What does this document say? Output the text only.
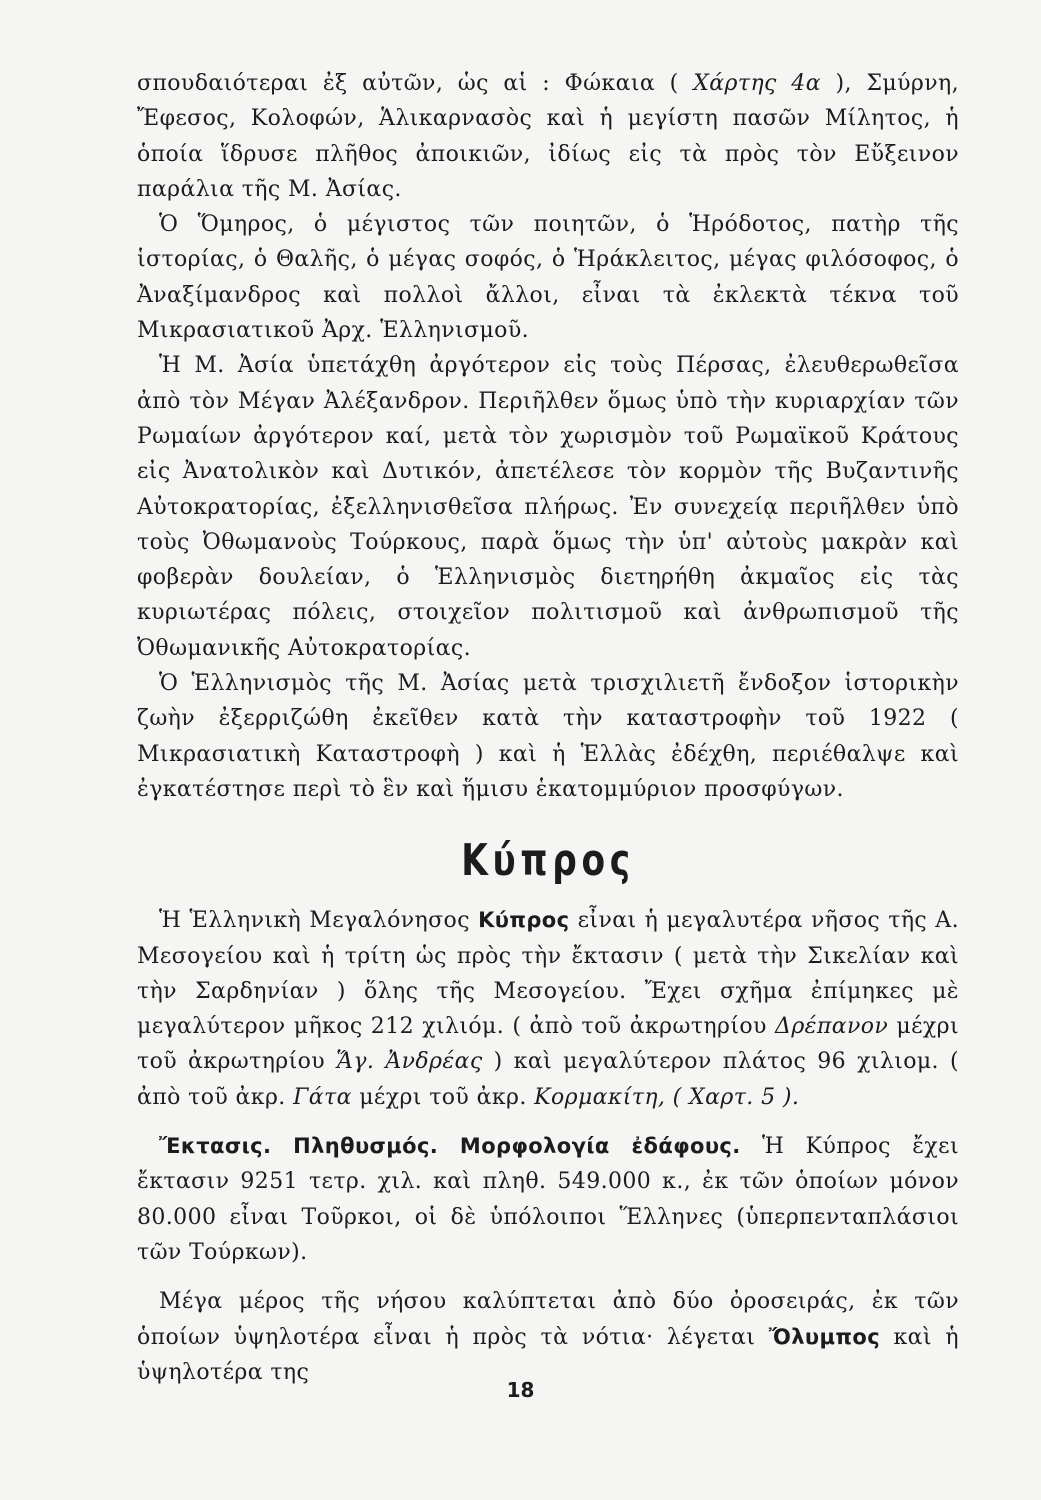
σπουδαιότεραι ἐξ αὐτῶν, ὡς αἱ : Φώκαια ( Χάρτης 4α ), Σμύρνη, Ἔφεσος, Κολοφών, Ἁλικαρνασὸς καὶ ἡ μεγίστη πασῶν Μίλητος, ἡ ὁποία ἵδρυσε πλῆθος ἀποικιῶν, ἰδίως εἰς τὰ πρὸς τὸν Εὔξεινον παράλια τῆς Μ. Ἀσίας.

Ὁ Ὅμηρος, ὁ μέγιστος τῶν ποιητῶν, ὁ Ἡρόδοτος, πατὴρ τῆς ἱστορίας, ὁ Θαλῆς, ὁ μέγας σοφός, ὁ Ἡράκλειτος, μέγας φιλόσοφος, ὁ Ἀναξίμανδρος καὶ πολλοὶ ἄλλοι, εἶναι τὰ ἐκλεκτὰ τέκνα τοῦ Μικρασιατικοῦ Ἀρχ. Ἑλληνισμοῦ.

Ἡ Μ. Ἀσία ὑπετάχθη ἀργότερον εἰς τοὺς Πέρσας, ἐλευθερωθεῖσα ἀπὸ τὸν Μέγαν Ἀλέξανδρον. Περιῆλθεν ὅμως ὑπὸ τὴν κυριαρχίαν τῶν Ρωμαίων ἀργότερον καί, μετὰ τὸν χωρισμὸν τοῦ Ρωμαϊκοῦ Κράτους εἰς Ἀνατολικὸν καὶ Δυτικόν, ἀπετέλεσε τὸν κορμὸν τῆς Βυζαντινῆς Αὐτοκρατορίας, ἐξελληνισθεῖσα πλήρως. Ἐν συνεχείᾳ περιῆλθεν ὑπὸ τοὺς Ὀθωμανοὺς Τούρκους, παρὰ ὅμως τὴν ὑπ' αὐτοὺς μακρὰν καὶ φοβερὰν δουλείαν, ὁ Ἑλληνισμὸς διετηρήθη ἀκμαῖος εἰς τὰς κυριωτέρας πόλεις, στοιχεῖον πολιτισμοῦ καὶ ἀνθρωπισμοῦ τῆς Ὀθωμανικῆς Αὐτοκρατορίας.

Ὁ Ἑλληνισμὸς τῆς Μ. Ἀσίας μετὰ τρισχιλιετῆ ἔνδοξον ἱστορικὴν ζωὴν ἐξερριζώθη ἐκεῖθεν κατὰ τὴν καταστροφὴν τοῦ 1922 ( Μικρασιατικὴ Καταστροφὴ ) καὶ ἡ Ἑλλὰς ἐδέχθη, περιέθαλψε καὶ ἐγκατέστησε περὶ τὸ ἓν καὶ ἥμισυ ἑκατομμύριον προσφύγων.

Κύπρος

Ἡ Ἑλληνικὴ Μεγαλόνησος Κύπρος εἶναι ἡ μεγαλυτέρα νῆσος τῆς Α. Μεσογείου καὶ ἡ τρίτη ὡς πρὸς τὴν ἔκτασιν ( μετὰ τὴν Σικελίαν καὶ τὴν Σαρδηνίαν ) ὅλης τῆς Μεσογείου. Ἔχει σχῆμα ἐπίμηκες μὲ μεγαλύτερον μῆκος 212 χιλιόμ. ( ἀπὸ τοῦ ἀκρωτηρίου Δρέπανον μέχρι τοῦ ἀκρωτηρίου Ἅγ. Ἀνδρέας ) καὶ μεγαλύτερον πλάτος 96 χιλιομ. ( ἀπὸ τοῦ ἀκρ. Γάτα μέχρι τοῦ ἀκρ. Κορμακίτη, ( Χαρτ. 5 ).

Ἔκτασις. Πληθυσμός. Μορφολογία ἐδάφους. Ἡ Κύπρος ἔχει ἔκτασιν 9251 τετρ. χιλ. καὶ πληθ. 549.000 κ., ἐκ τῶν ὁποίων μόνον 80.000 εἶναι Τοῦρκοι, οἱ δὲ ὑπόλοιποι Ἕλληνες (ὑπερπενταπλάσιοι τῶν Τούρκων).

Μέγα μέρος τῆς νήσου καλύπτεται ἀπὸ δύο ὀροσειράς, ἐκ τῶν ὁποίων ὑψηλοτέρα εἶναι ἡ πρὸς τὰ νότια· λέγεται Ὄλυμπος καὶ ἡ ὑψηλοτέρα της

18
